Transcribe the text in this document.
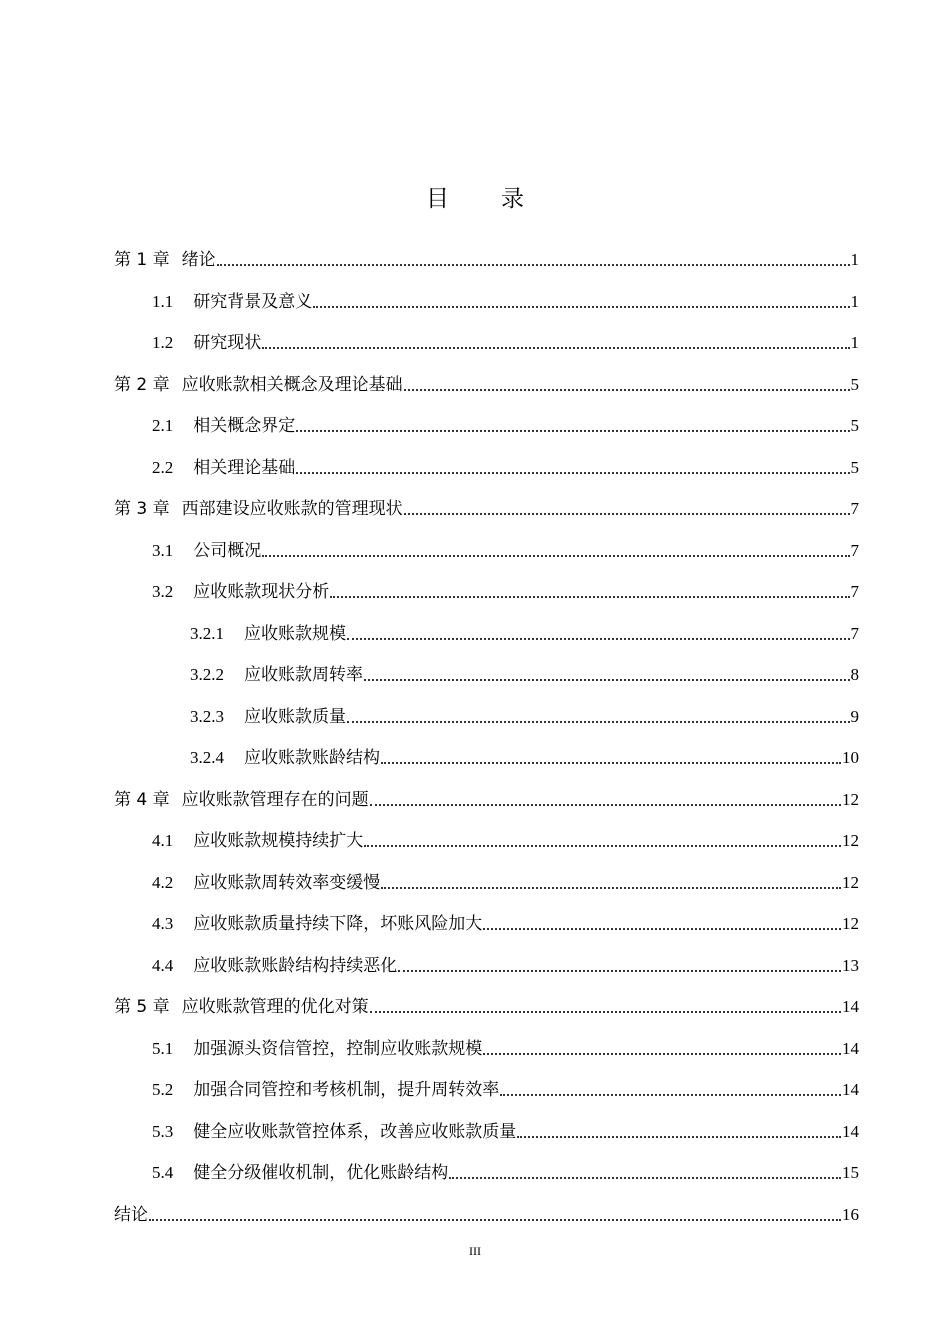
目 录
第 1 章 绪论	1
1.1 研究背景及意义	1
1.2 研究现状	1
第 2 章 应收账款相关概念及理论基础	5
2.1 相关概念界定	5
2.2 相关理论基础	5
第 3 章 西部建设应收账款的管理现状	7
3.1 公司概况	7
3.2 应收账款现状分析	7
3.2.1 应收账款规模	7
3.2.2 应收账款周转率	8
3.2.3 应收账款质量	9
3.2.4 应收账款账龄结构	10
第 4 章 应收账款管理存在的问题	12
4.1 应收账款规模持续扩大	12
4.2 应收账款周转效率变缓慢	12
4.3 应收账款质量持续下降，坏账风险加大	12
4.4 应收账款账龄结构持续恶化	13
第 5 章 应收账款管理的优化对策	14
5.1 加强源头资信管控，控制应收账款规模	14
5.2 加强合同管控和考核机制，提升周转效率	14
5.3 健全应收账款管控体系，改善应收账款质量	14
5.4 健全分级催收机制，优化账龄结构	15
结论	16
III
